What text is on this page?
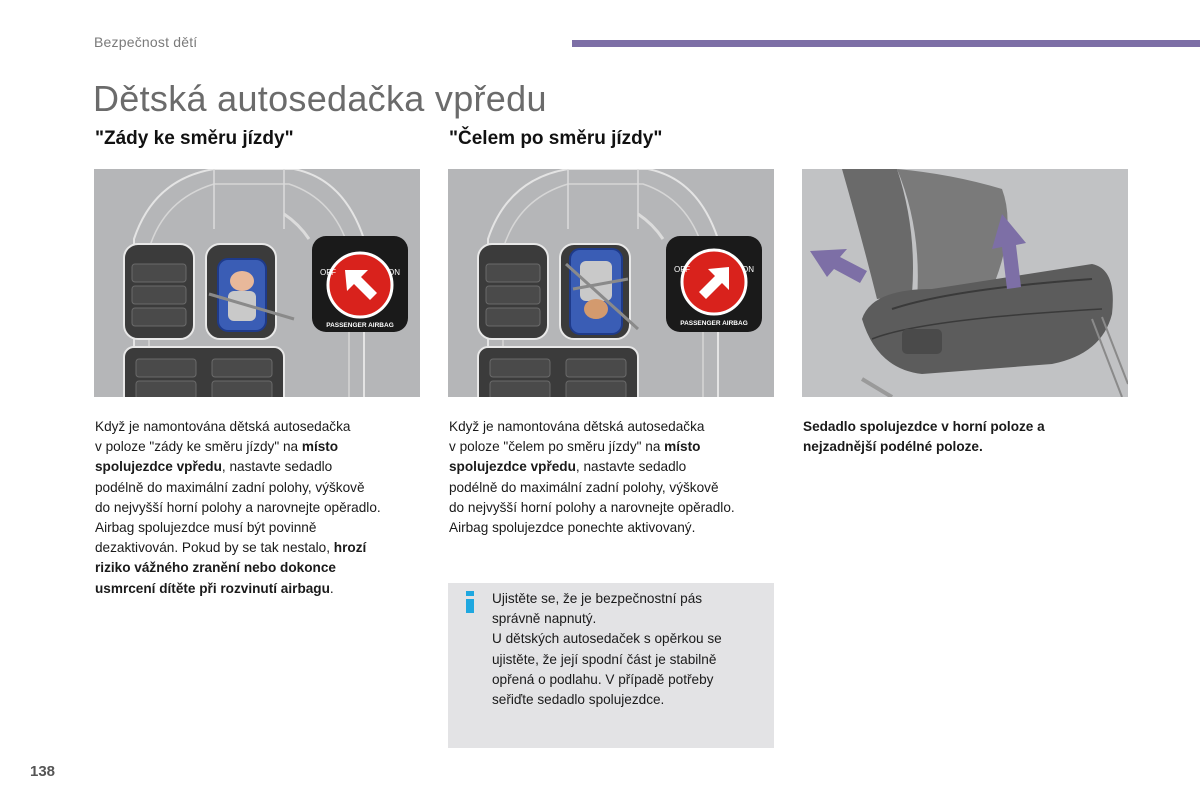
Bezpečnost dětí
Dětská autosedačka vpředu
"Zády ke směru jízdy"	"Čelem po směru jízdy"
OFF	ON
PASSENGER AIRBAG
OFF	ON
PASSENGER AIRBAG
Když je namontována dětská autosedačka
v poloze "zády ke směru jízdy" na místo
spolujezdce vpředu, nastavte sedadlo
podélně do maximální zadní polohy, výškově
do nejvyšší horní polohy a narovnejte opěradlo.
Airbag spolujezdce musí být povinně
dezaktivován. Pokud by se tak nestalo, hrozí
riziko vážného zranění nebo dokonce
usmrcení dítěte při rozvinutí airbagu.
Když je namontována dětská autosedačka
v poloze "čelem po směru jízdy" na místo
spolujezdce vpředu, nastavte sedadlo
podélně do maximální zadní polohy, výškově
do nejvyšší horní polohy a narovnejte opěradlo.
Airbag spolujezdce ponechte aktivovaný.
Sedadlo spolujezdce v horní poloze a
nejzadnější podélné poloze.
Ujistěte se, že je bezpečnostní pás
správně napnutý.
U dětských autosedaček s opěrkou se
ujistěte, že její spodní část je stabilně
opřená o podlahu. V případě potřeby
seřiďte sedadlo spolujezdce.
138
